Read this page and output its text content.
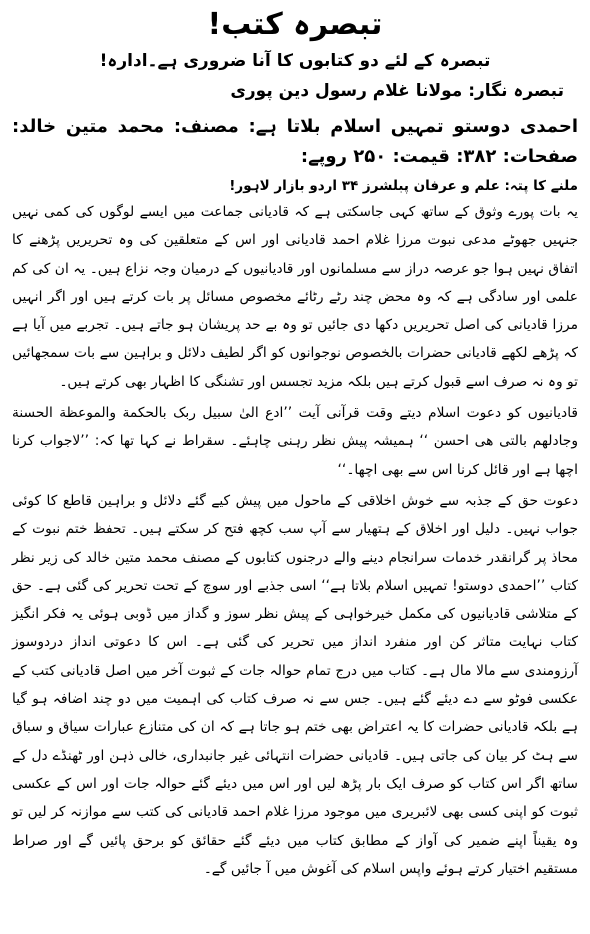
تبصرہ کتب!
تبصرہ کے لئے دو کتابوں کا آنا ضروری ہے۔ادارہ!
تبصرہ نگار: مولانا غلام رسول دین پوری
احمدی دوستو تمہیں اسلام بلاتا ہے: مصنف: محمد متین خالد: صفحات: ۳۸۲: قیمت: ۲۵۰ روپے:
ملنے کا پتہ: علم و عرفان پبلشرز ۳۴ اردو بازار لاہور!

یہ بات پورے وثوق کے ساتھ کہی جاسکتی ہے کہ قادیانی جماعت میں ایسے لوگوں کی کمی نہیں جنہیں جھوٹے مدعی نبوت مرزا غلام احمد قادیانی اور اس کے متعلقین کی وہ تحریریں پڑھنے کا اتفاق نہیں ہوا جو عرصہ دراز سے مسلمانوں اور قادیانیوں کے درمیان وجہ نزاع ہیں۔ یہ ان کی کم علمی اور سادگی ہے کہ وہ محض چند رٹے رٹائے مخصوص مسائل پر بات کرتے ہیں اور اگر انہیں مرزا قادیانی کی اصل تحریریں دکھا دی جائیں تو وہ بے حد پریشان ہو جاتے ہیں۔ تجربے میں آیا ہے کہ پڑھے لکھے قادیانی حضرات بالخصوص نوجوانوں کو اگر لطیف دلائل و براہین سے بات سمجھائیں تو وہ نہ صرف اسے قبول کرتے ہیں بلکہ مزید تجسس اور تشنگی کا اظہار بھی کرتے ہیں۔

قادیانیوں کو دعوت اسلام دیتے وقت قرآنی آیت ’’ادع الیٰ سبیل ربک بالحکمة والموعظة الحسنة وجادلھم بالتی ھی احسن ‘‘ ہمیشہ پیش نظر رہنی چاہئے۔ سقراط نے کہا تھا کہ: ’’لاجواب کرنا اچھا ہے اور قائل کرنا اس سے بھی اچھا۔‘‘

دعوت حق کے جذبہ سے خوش اخلاقی کے ماحول میں پیش کیے گئے دلائل و براہین قاطع کا کوئی جواب نہیں۔ دلیل اور اخلاق کے ہتھیار سے آپ سب کچھ فتح کر سکتے ہیں۔ تحفظ ختم نبوت کے محاذ پر گرانقدر خدمات سرانجام دینے والے درجنوں کتابوں کے مصنف محمد متین خالد کی زیر نظر کتاب ’’احمدی دوستو! تمہیں اسلام بلاتا ہے‘‘ اسی جذبے اور سوچ کے تحت تحریر کی گئی ہے۔ حق کے متلاشی قادیانیوں کی مکمل خیرخواہی کے پیش نظر سوز و گداز میں ڈوبی ہوئی یہ فکر انگیز کتاب نہایت متاثر کن اور منفرد انداز میں تحریر کی گئی ہے۔ اس کا دعوتی انداز دردوسوز آرزومندی سے مالا مال ہے۔ کتاب میں درج تمام حوالہ جات کے ثبوت آخر میں اصل قادیانی کتب کے عکسی فوٹو سے دے دیئے گئے ہیں۔ جس سے نہ صرف کتاب کی اہمیت میں دو چند اضافہ ہو گیا ہے بلکہ قادیانی حضرات کا یہ اعتراض بھی ختم ہو جاتا ہے کہ ان کی متنازع عبارات سیاق و سباق سے ہٹ کر بیان کی جاتی ہیں۔ قادیانی حضرات انتہائی غیر جانبداری، خالی ذہن اور ٹھنڈے دل کے ساتھ اگر اس کتاب کو صرف ایک بار پڑھ لیں اور اس میں دیئے گئے حوالہ جات اور اس کے عکسی ثبوت کو اپنی کسی بھی لائبریری میں موجود مرزا غلام احمد قادیانی کی کتب سے موازنہ کر لیں تو وہ یقیناً اپنے ضمیر کی آواز کے مطابق کتاب میں دیئے گئے حقائق کو برحق پائیں گے اور صراط مستقیم اختیار کرتے ہوئے واپس اسلام کی آغوش میں آ جائیں گے۔
